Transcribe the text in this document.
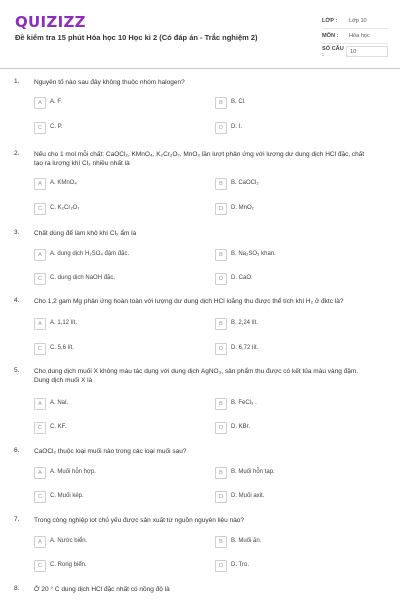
QUIZIZZ
Đề kiểm tra 15 phút Hóa học 10 Học kì 2 (Có đáp án - Trắc nghiệm 2)
LỚP :	Lớp 10
MÔN :	Hóa học
SỐ CÂU :	10
1. Nguyên tố nào sau đây không thuộc nhóm halogen?
2. Nếu cho 1 mol mỗi chất: CaOCl₂, KMnO₄, K₂Cr₂O₇, MnO₂ lần lượt phản ứng với lượng dư dung dịch HCl đặc, chất tạo ra lượng khí Cl₂ nhiều nhất là
3. Chất dùng để làm khô khí Cl₂ ẩm là
4. Cho 1,2 gam Mg phản ứng hoàn toàn với lượng dư dung dịch HCl loãng thu được thể tích khí H₂ ở đktc là?
5. Cho dung dịch muối X không màu tác dụng với dung dịch AgNO₃, sản phẩm thu được có kết tủa màu vàng đậm. Dung dịch muối X là
6. CaOCl₂ thuộc loại muối nào trong các loại muối sau?
7. Trong công nghiệp iot chủ yếu được sản xuất từ nguồn nguyên liệu nào?
8. Ở 20 ° C dung dịch HCl đặc nhất có nồng độ là
A	A. F.	B	B. Cl.
C	C. P.	D	D. I.
A	A. KMnO₄	B	B. CaOCl₂
C	C. K₂Cr₂O₇	D	D. MnO₂
A	A. dung dịch H₂SO₄ đậm đặc.	B	B. Na₂SO₃ khan.
C	C. dung dịch NaOH đặc.	D	D. CaO.
A	A. 1,12 lít.	B	B. 2,24 lít.
C	C. 5,6 lít.	D	D. 6,72 lít.
A	A. NaI.	B	B. FeCl₃ .
C	C. KF.	D	D. KBr.
A	A. Muối hỗn hợp.	B	B. Muối hỗn tạp.
C	C. Muối kép.	D	D. Muối axit.
A	A. Nước biển.	B	B. Muối ăn.
C	C. Rong biển.	D	D. Tro.
